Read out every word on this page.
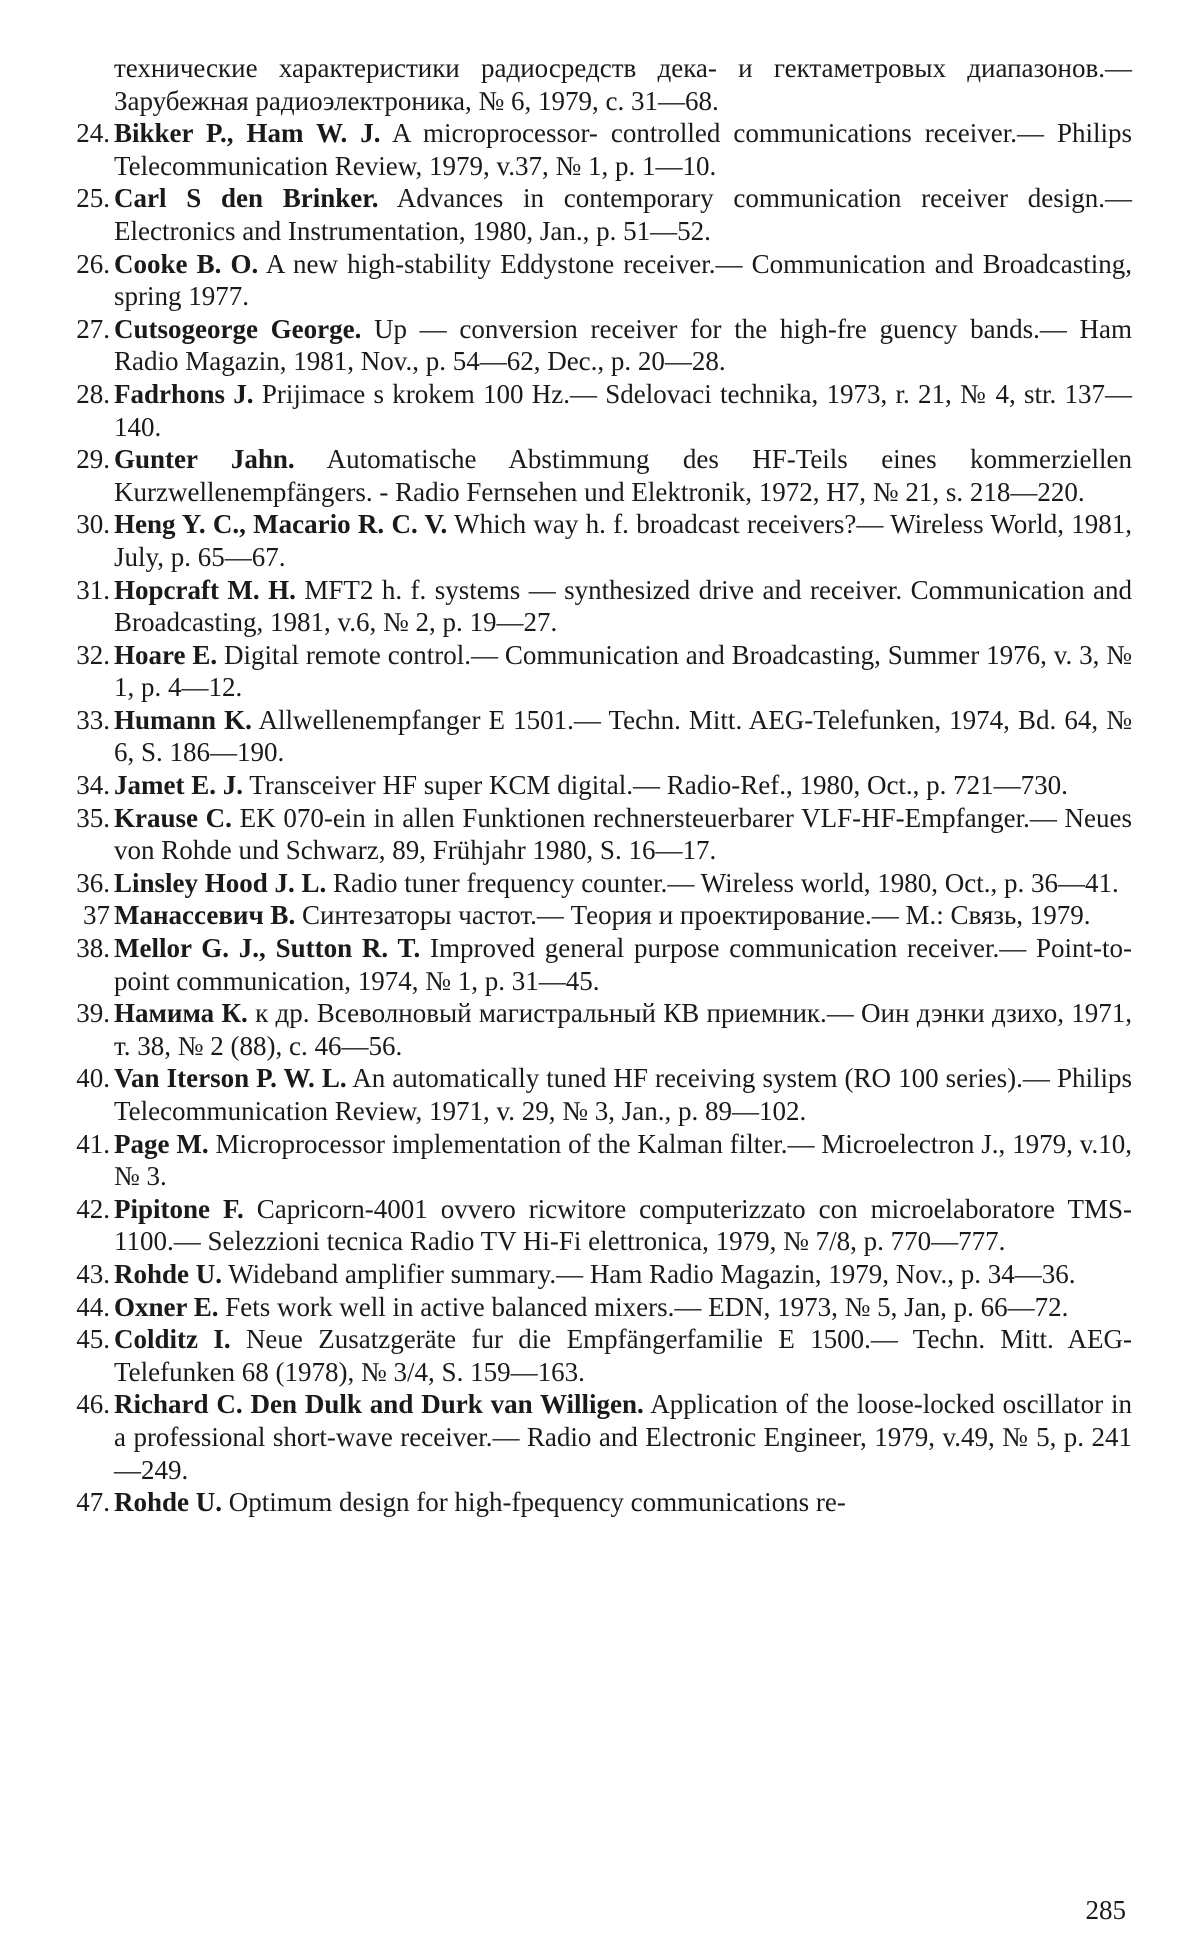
технические характеристики радиосредств дека- и гектаметровых диапазонов.— Зарубежная радиоэлектроника, № 6, 1979, с. 31—68.
24. Bikker P., Ham W. J. A microprocessor- controlled communications receiver.— Philips Telecommunication Review, 1979, v.37, № 1, p. 1—10.
25. Carl S den Brinker. Advances in contemporary communication receiver design.— Electronics and Instrumentation, 1980, Jan., p. 51—52.
26. Cooke B. O. A new high-stability Eddystone receiver.— Communication and Broadcasting, spring 1977.
27. Cutsogeorge George. Up — conversion receiver for the high-fre guency bands.— Ham Radio Magazin, 1981, Nov., p. 54—62, Dec., p. 20—28.
28. Fadrhons J. Prijimace s krokem 100 Hz.— Sdelovaci technika, 1973, r. 21, № 4, str. 137—140.
29. Gunter Jahn. Automatische Abstimmung des HF-Teils eines kommerziellen Kurzwellenempfängers. - Radio Fernsehen und Elektronik, 1972, H7, № 21, s. 218—220.
30. Heng Y. C., Macario R. C. V. Which way h. f. broadcast receivers?— Wireless World, 1981, July, p. 65—67.
31. Hopcraft M. H. MFT2 h. f. systems — synthesized drive and receiver. Communication and Broadcasting, 1981, v.6, № 2, p. 19—27.
32. Hoare E. Digital remote control.— Communication and Broadcasting, Summer 1976, v. 3, № 1, p. 4—12.
33. Humann K. Allwellenempfanger E 1501.— Techn. Mitt. AEG-Telefunken, 1974, Bd. 64, № 6, S. 186—190.
34. Jamet E. J. Transceiver HF super KCM digital.— Radio-Ref., 1980, Oct., p. 721—730.
35. Krause C. EK 070-ein in allen Funktionen rechnersteuerbarer VLF-HF-Empfanger.— Neues von Rohde und Schwarz, 89, Frühjahr 1980, S. 16—17.
36. Linsley Hood J. L. Radio tuner frequency counter.— Wireless world, 1980, Oct., p. 36—41.
37 Манассевич В. Синтезаторы частот.— Теория и проектирование.— М.: Связь, 1979.
38. Mellor G. J., Sutton R. T. Improved general purpose communication receiver.— Point-to-point communication, 1974, № 1, p. 31—45.
39. Намима К. к др. Всеволновый магистральный КВ приемник.— Оин дэнки дзихо, 1971, т. 38, № 2 (88), с. 46—56.
40. Van Iterson P. W. L. An automatically tuned HF receiving system (RO 100 series).— Philips Telecommunication Review, 1971, v. 29, № 3, Jan., p. 89—102.
41. Page M. Microprocessor implementation of the Kalman filter.— Microelectron J., 1979, v.10, № 3.
42. Pipitone F. Capricorn-4001 ovvero ricwitore computerizzato con microelaboratore TMS-1100.— Selezzioni tecnica Radio TV Hi-Fi elettronica, 1979, № 7/8, p. 770—777.
43. Rohde U. Wideband amplifier summary.— Ham Radio Magazin, 1979, Nov., p. 34—36.
44. Oxner E. Fets work well in active balanced mixers.— EDN, 1973, № 5, Jan, p. 66—72.
45. Colditz I. Neue Zusatzgeräte fur die Empfängerfamilie E 1500.— Techn. Mitt. AEG-Telefunken 68 (1978), № 3/4, S. 159—163.
46. Richard C. Den Dulk and Durk van Willigen. Application of the loose-locked oscillator in a professional short-wave receiver.— Radio and Electronic Engineer, 1979, v.49, № 5, p. 241—249.
47. Rohde U. Optimum design for high-fpequency communications re-
285
